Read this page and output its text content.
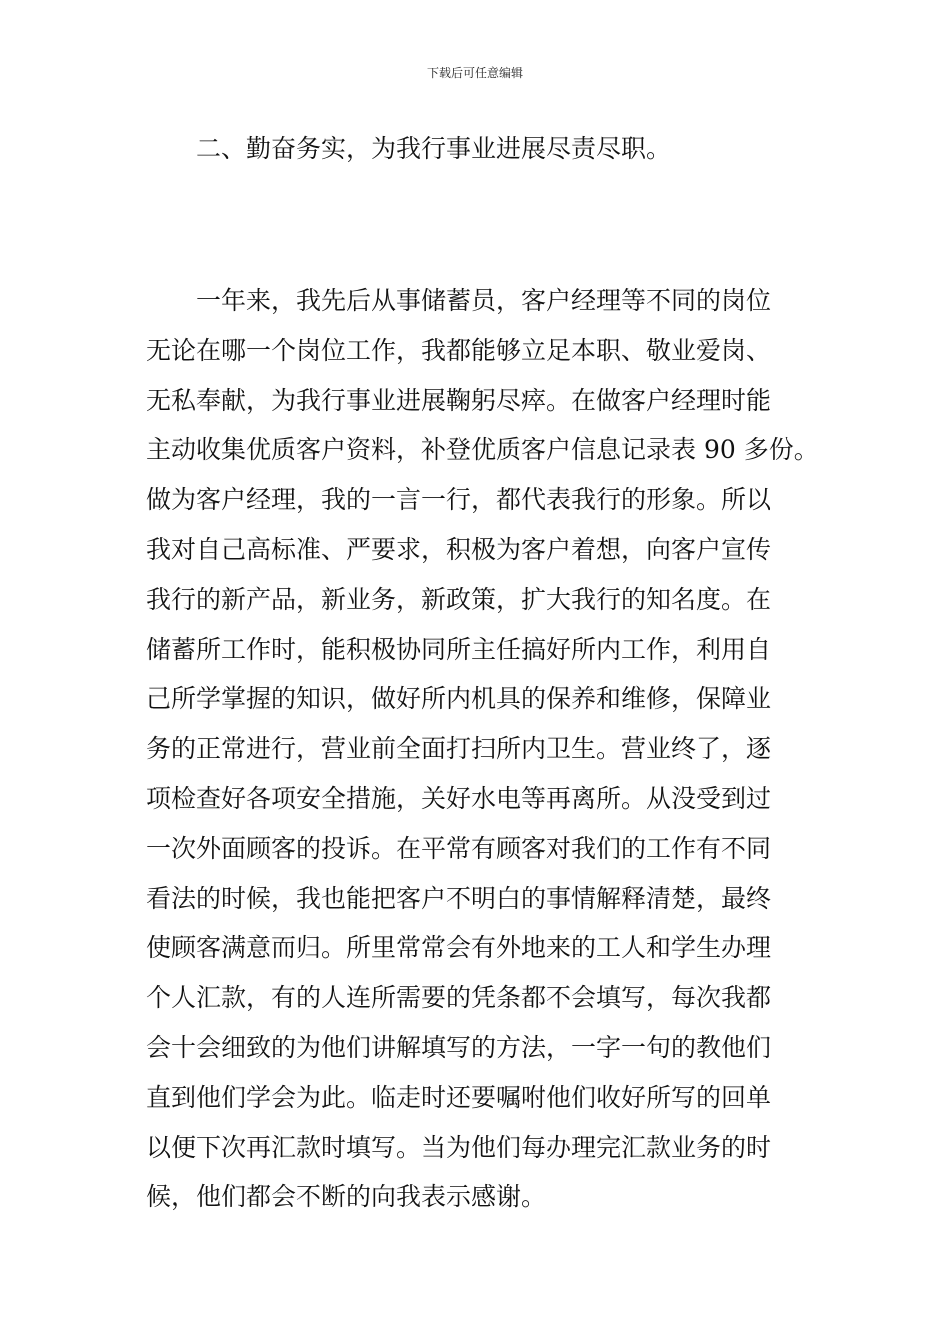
下载后可任意编辑
二、勤奋务实，为我行事业进展尽责尽职。
一年来，我先后从事储蓄员，客户经理等不同的岗位
无论在哪一个岗位工作，我都能够立足本职、敬业爱岗、
无私奉献，为我行事业进展鞠躬尽瘁。在做客户经理时能
主动收集优质客户资料，补登优质客户信息记录表 90 多份。
做为客户经理，我的一言一行，都代表我行的形象。所以
我对自己高标准、严要求，积极为客户着想，向客户宣传
我行的新产品，新业务，新政策，扩大我行的知名度。在
储蓄所工作时，能积极协同所主任搞好所内工作，利用自
己所学掌握的知识，做好所内机具的保养和维修，保障业
务的正常进行，营业前全面打扫所内卫生。营业终了，逐
项检查好各项安全措施，关好水电等再离所。从没受到过
一次外面顾客的投诉。在平常有顾客对我们的工作有不同
看法的时候，我也能把客户不明白的事情解释清楚，最终
使顾客满意而归。所里常常会有外地来的工人和学生办理
个人汇款，有的人连所需要的凭条都不会填写，每次我都
会十会细致的为他们讲解填写的方法，一字一句的教他们
直到他们学会为此。临走时还要嘱咐他们收好所写的回单
以便下次再汇款时填写。当为他们每办理完汇款业务的时
候，他们都会不断的向我表示感谢。
